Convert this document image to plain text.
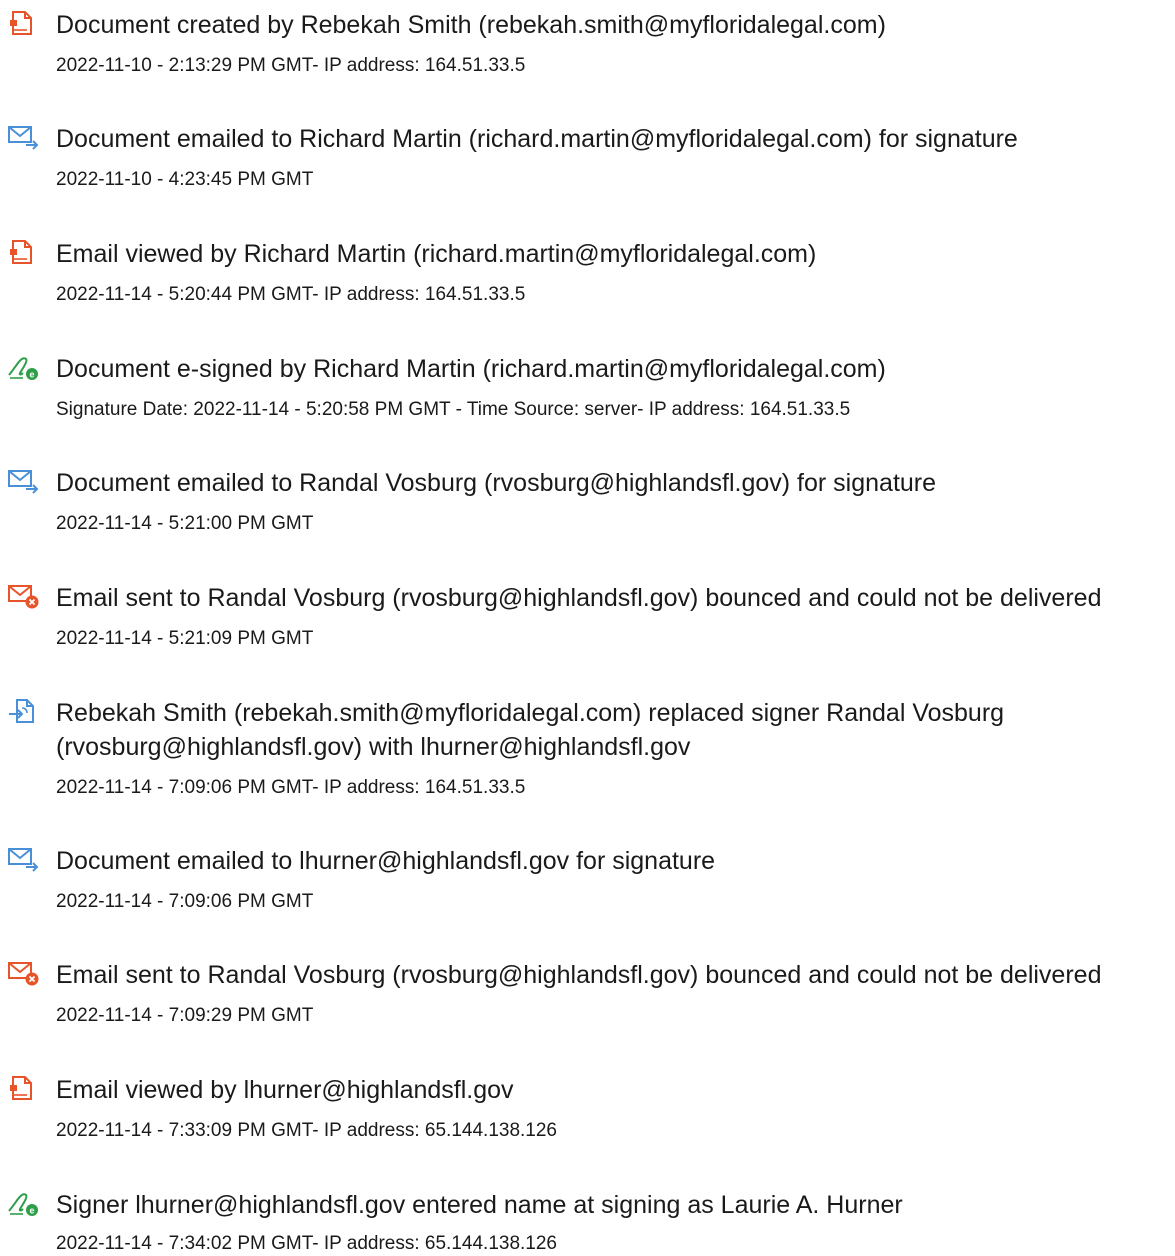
Document created by Rebekah Smith (rebekah.smith@myfloridalegal.com)
2022-11-10 - 2:13:29 PM GMT- IP address: 164.51.33.5
Document emailed to Richard Martin (richard.martin@myfloridalegal.com) for signature
2022-11-10 - 4:23:45 PM GMT
Email viewed by Richard Martin (richard.martin@myfloridalegal.com)
2022-11-14 - 5:20:44 PM GMT- IP address: 164.51.33.5
Document e-signed by Richard Martin (richard.martin@myfloridalegal.com)
Signature Date: 2022-11-14 - 5:20:58 PM GMT - Time Source: server- IP address: 164.51.33.5
Document emailed to Randal Vosburg (rvosburg@highlandsfl.gov) for signature
2022-11-14 - 5:21:00 PM GMT
Email sent to Randal Vosburg (rvosburg@highlandsfl.gov) bounced and could not be delivered
2022-11-14 - 5:21:09 PM GMT
Rebekah Smith (rebekah.smith@myfloridalegal.com) replaced signer Randal Vosburg (rvosburg@highlandsfl.gov) with lhurner@highlandsfl.gov
2022-11-14 - 7:09:06 PM GMT- IP address: 164.51.33.5
Document emailed to lhurner@highlandsfl.gov for signature
2022-11-14 - 7:09:06 PM GMT
Email sent to Randal Vosburg (rvosburg@highlandsfl.gov) bounced and could not be delivered
2022-11-14 - 7:09:29 PM GMT
Email viewed by lhurner@highlandsfl.gov
2022-11-14 - 7:33:09 PM GMT- IP address: 65.144.138.126
Signer lhurner@highlandsfl.gov entered name at signing as Laurie A. Hurner
2022-11-14 - 7:34:02 PM GMT- IP address: 65.144.138.126
